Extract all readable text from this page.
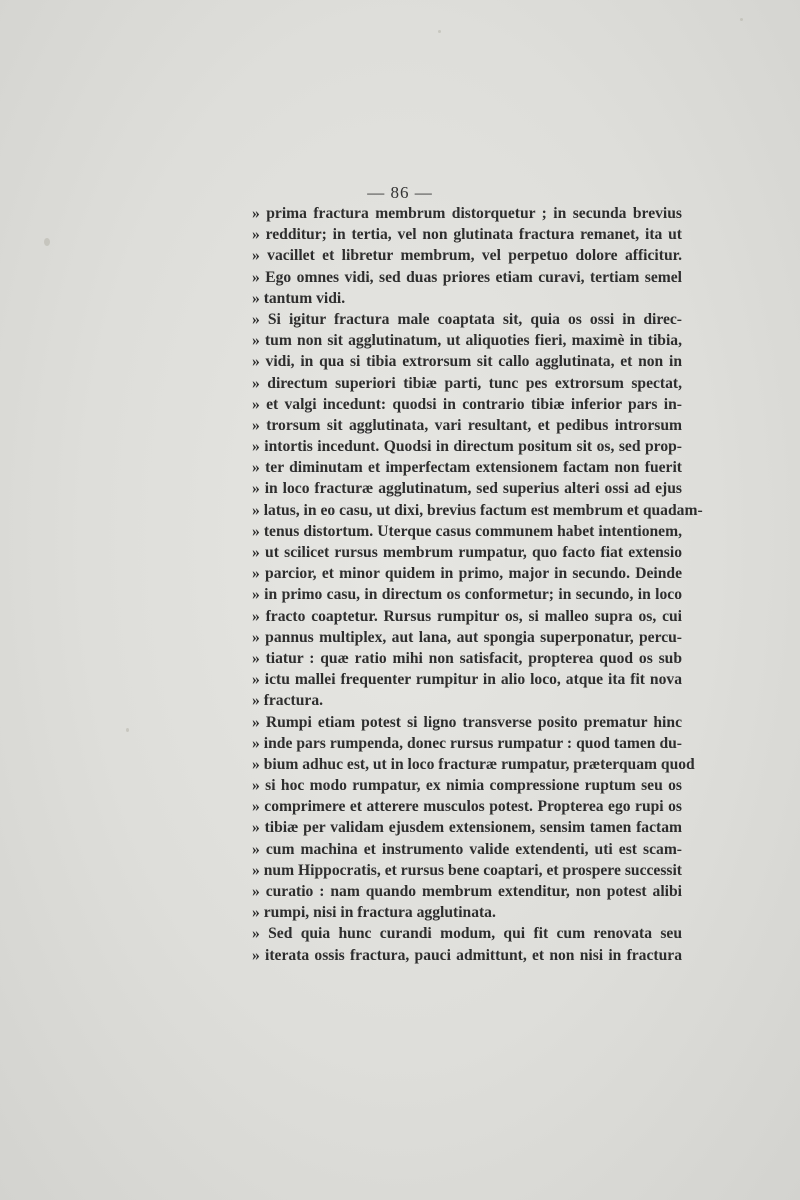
— 86 —
» prima fractura membrum distorquetur ; in secunda brevius
» redditur; in tertia, vel non glutinata fractura remanet, ita ut
» vacillet et libretur membrum, vel perpetuo dolore afficitur.
» Ego omnes vidi, sed duas priores etiam curavi, tertiam semel
» tantum vidi.
» Si igitur fractura male coaptata sit, quia os ossi in direc-
» tum non sit agglutinatum, ut aliquoties fieri, maximè in tibia,
» vidi, in qua si tibia extrorsum sit callo agglutinata, et non in
» directum superiori tibiæ parti, tunc pes extrorsum spectat,
» et valgi incedunt: quodsi in contrario tibiæ inferior pars in-
» trorsum sit agglutinata, vari resultant, et pedibus introrsum
» intortis incedunt. Quodsi in directum positum sit os, sed prop-
» ter diminutam et imperfectam extensionem factam non fuerit
» in loco fracturæ agglutinatum, sed superius alteri ossi ad ejus
» latus, in eo casu, ut dixi, brevius factum est membrum et quadam-
» tenus distortum. Uterque casus communem habet intentionem,
» ut scilicet rursus membrum rumpatur, quo facto fiat extensio
» parcior, et minor quidem in primo, major in secundo. Deinde
» in primo casu, in directum os conformetur; in secundo, in loco
» fracto coaptetur. Rursus rumpitur os, si malleo supra os, cui
» pannus multiplex, aut lana, aut spongia superponatur, percu-
» tiatur : quæ ratio mihi non satisfacit, propterea quod os sub
» ictu mallei frequenter rumpitur in alio loco, atque ita fit nova
» fractura.
» Rumpi etiam potest si ligno transverse posito prematur hinc
» inde pars rumpenda, donec rursus rumpatur : quod tamen du-
» bium adhuc est, ut in loco fracturæ rumpatur, præterquam quod
» si hoc modo rumpatur, ex nimia compressione ruptum seu os
» comprimere et atterere musculos potest. Propterea ego rupi os
» tibiæ per validam ejusdem extensionem, sensim tamen factam
» cum machina et instrumento valide extendenti, uti est scam-
» num Hippocratis, et rursus bene coaptari, et prospere successit
» curatio : nam quando membrum extenditur, non potest alibi
» rumpi, nisi in fractura agglutinata.
» Sed quia hunc curandi modum, qui fit cum renovata seu
» iterata ossis fractura, pauci admittunt, et non nisi in fractura
